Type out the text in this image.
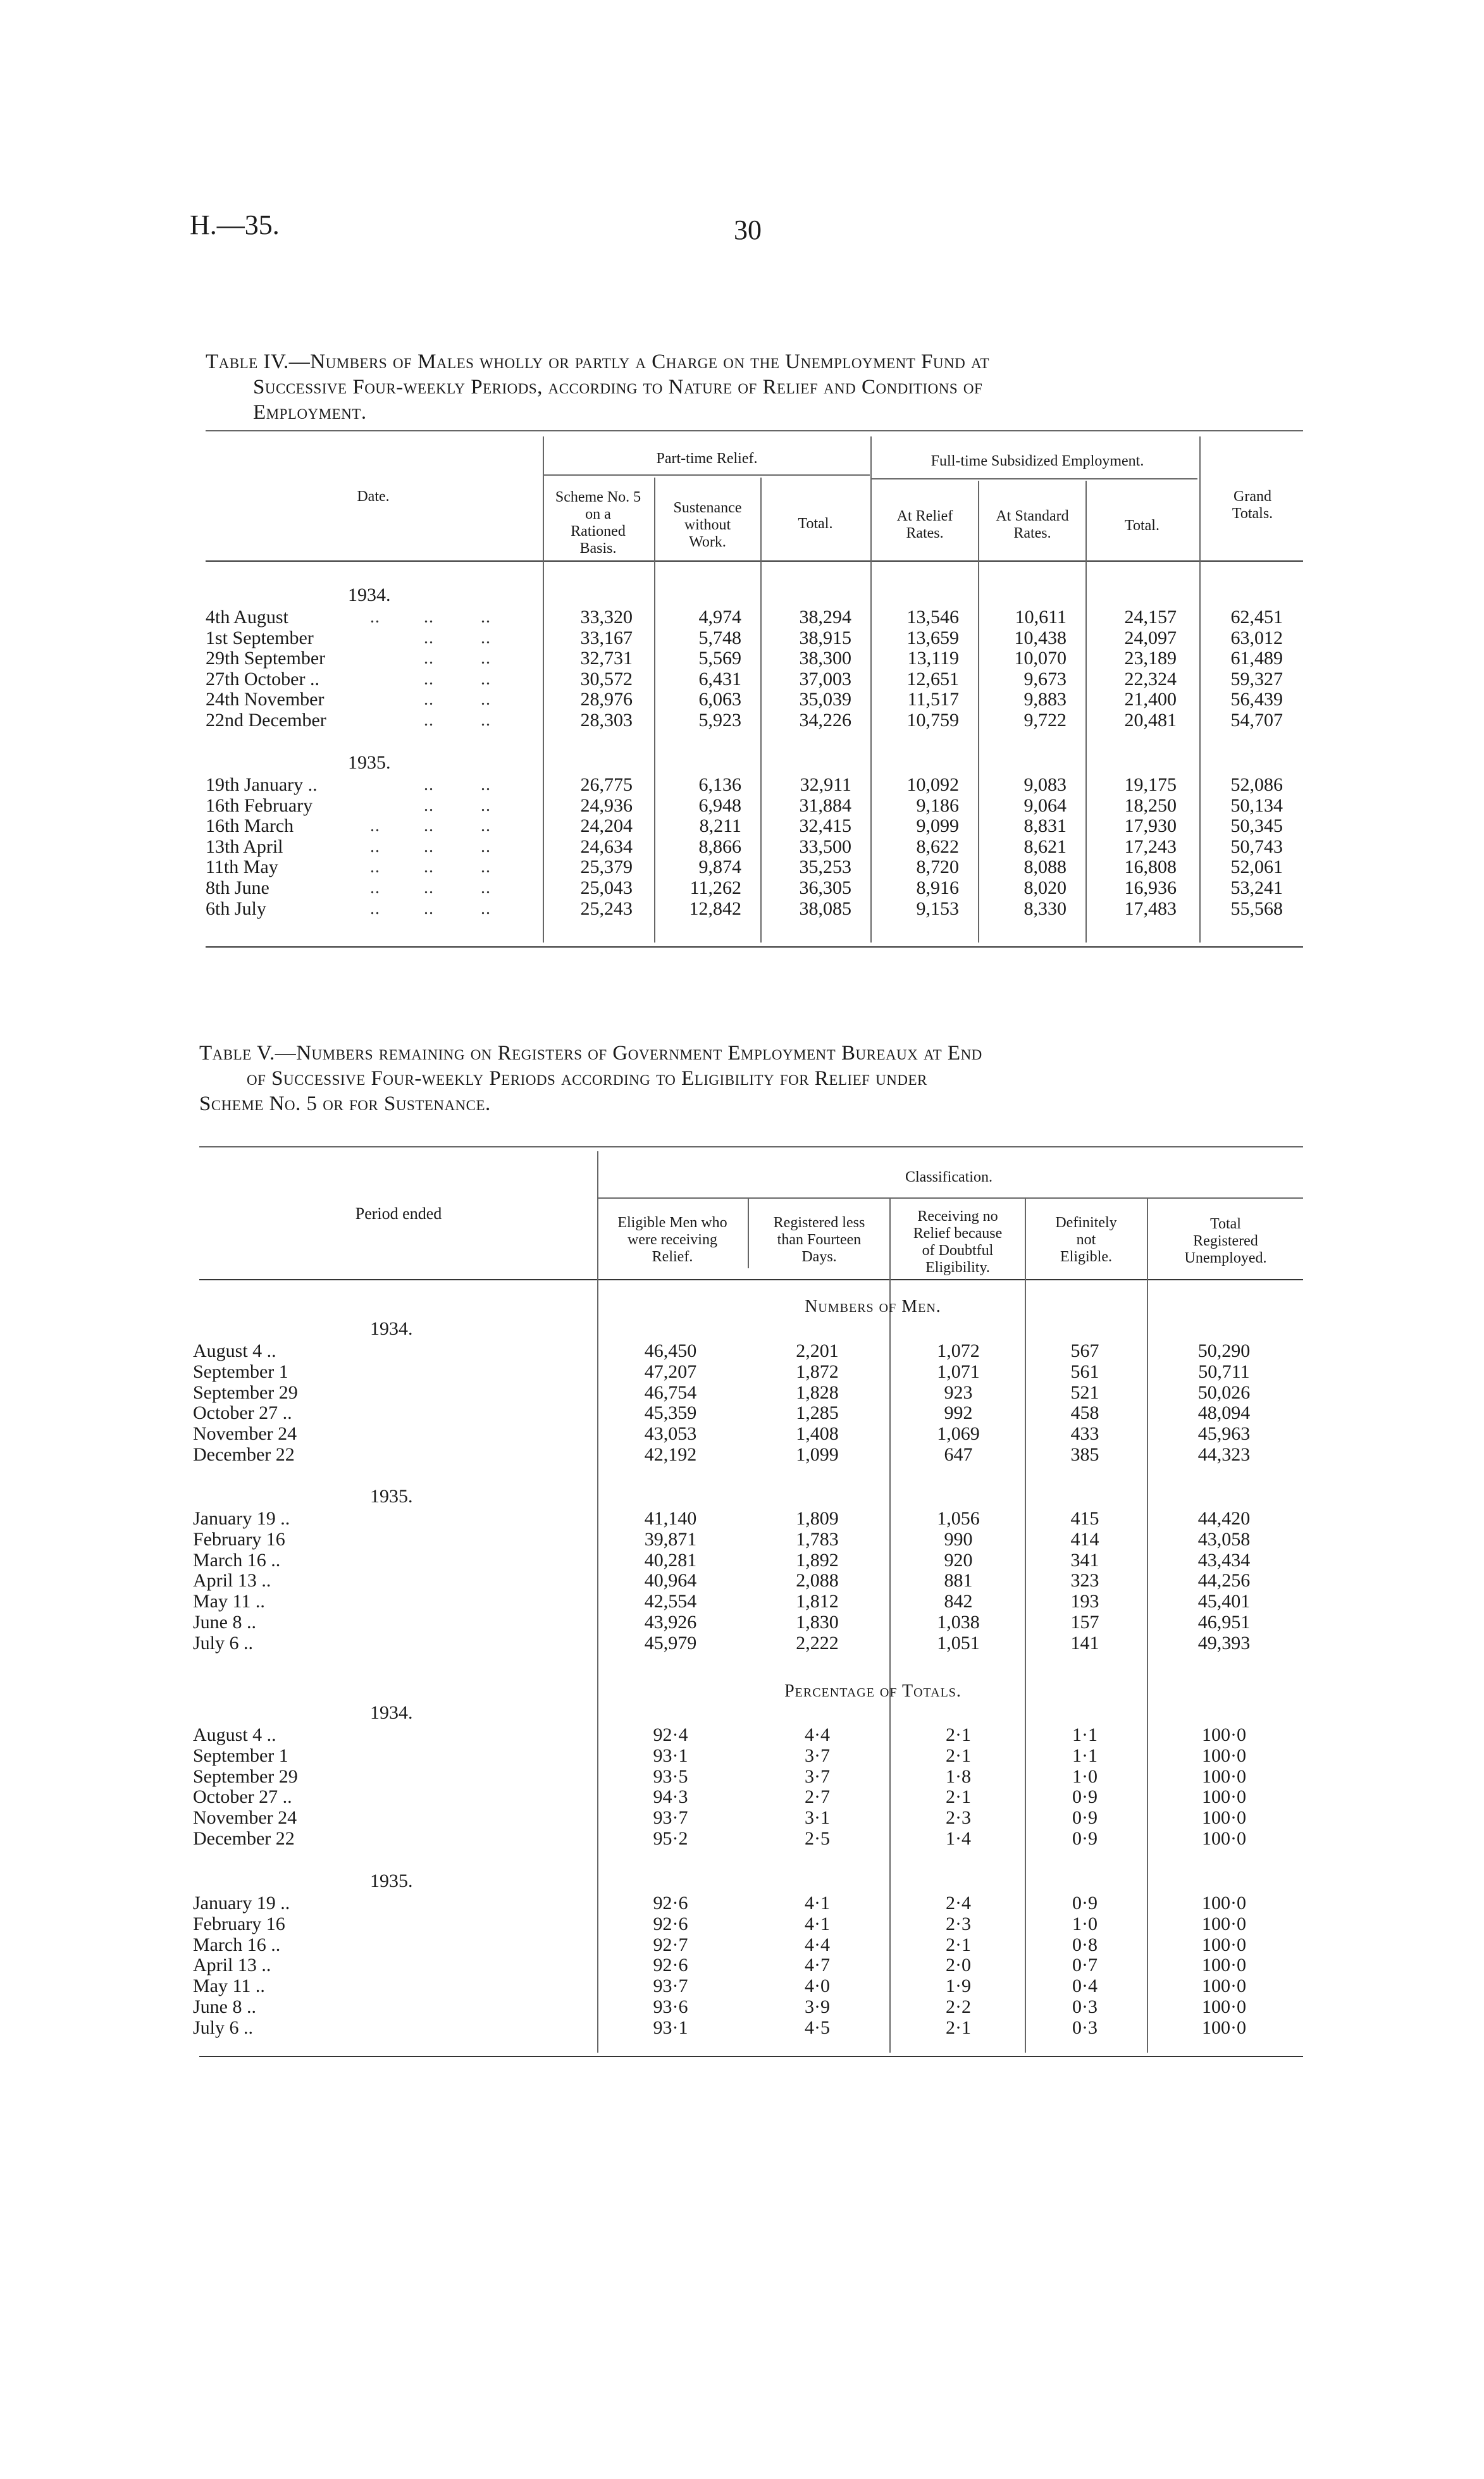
H.—35.	30
Table IV.—Numbers of Males wholly or partly a Charge on the Unemployment Fund at
Successive Four-weekly Periods, according to Nature of Relief and Conditions of
Employment.
Date.
Part-time Relief.	Full-time Subsidized Employment.
Scheme No. 5
on a
Rationed
Basis.
Sustenance
without
Work.
Total.	At Relief
Rates.
At Standard
Rates.	Total.
Grand
Totals.
1934.
4th August	.. ..	..	33,320	4,974	38,294	13,546	10,611	24,157	62,451
1st September	..	..	33,167	5,748	38,915	13,659	10,438	24,097	63,012
29th September	..	..	32,731	5,569	38,300	13,119	10,070	23,189	61,489
27th October ..	..	..	30,572	6,431	37,003	12,651	9,673	22,324	59,327
24th November	..	..	28,976	6,063	35,039	11,517	9,883	21,400	56,439
22nd December	..	..	28,303	5,923	34,226	10,759	9,722	20,481	54,707
1935.
19th January ..	..	..	26,775	6,136	32,911	10,092	9,083	19,175	52,086
16th February	..	..	24,936	6,948	31,884	9,186	9,064	18,250	50,134
16th March	.. ..	..	24,204	8,211	32,415	9,099	8,831	17,930	50,345
13th April	.. ..	..	24,634	8,866	33,500	8,622	8,621	17,243	50,743
11th May	.. ..	..	25,379	9,874	35,253	8,720	8,088	16,808	52,061
8th June	.. ..	..	25,043	11,262	36,305	8,916	8,020	16,936	53,241
6th July	.. ..	..	25,243	12,842	38,085	9,153	8,330	17,483	55,568
Table V.—Numbers remaining on Registers of Government Employment Bureaux at End
of Successive Four-weekly Periods according to Eligibility for Relief under
Scheme No. 5 or for Sustenance.
Period ended
Classification.
Eligible Men who
were receiving
Relief.
Registered less
than Fourteen
Days.
Receiving no
Relief because
of Doubtful
Eligibility.
Definitely
not
Eligible.
Total
Registered
Unemployed.
Numbers of Men.
1934.
August 4 ..	46,450	2,201	1,072	567	50,290
September 1	47,207	1,872	1,071	561	50,711
September 29	46,754	1,828	923	521	50,026
October 27 ..	45,359	1,285	992	458	48,094
November 24	43,053	1,408	1,069	433	45,963
December 22	42,192	1,099	647	385	44,323
1935.
January 19 ..	41,140	1,809	1,056	415	44,420
February 16	39,871	1,783	990	414	43,058
March 16 ..	40,281	1,892	920	341	43,434
April 13 ..	40,964	2,088	881	323	44,256
May 11 ..	42,554	1,812	842	193	45,401
June 8 ..	43,926	1,830	1,038	157	46,951
July 6 ..	45,979	2,222	1,051	141	49,393
Percentage of Totals.
1934.
August 4 ..	92·4	4·4	2·1	1·1	100·0
September 1	93·1	3·7	2·1	1·1	100·0
September 29	93·5	3·7	1·8	1·0	100·0
October 27 ..	94·3	2·7	2·1	0·9	100·0
November 24	93·7	3·1	2·3	0·9	100·0
December 22	95·2	2·5	1·4	0·9	100·0
1935.
January 19 ..	92·6	4·1	2·4	0·9	100·0
February 16	92·6	4·1	2·3	1·0	100·0
March 16 ..	92·7	4·4	2·1	0·8	100·0
April 13 ..	92·6	4·7	2·0	0·7	100·0
May 11 ..	93·7	4·0	1·9	0·4	100·0
June 8 ..	93·6	3·9	2·2	0·3	100·0
July 6 ..	93·1	4·5	2·1	0·3	100·0
